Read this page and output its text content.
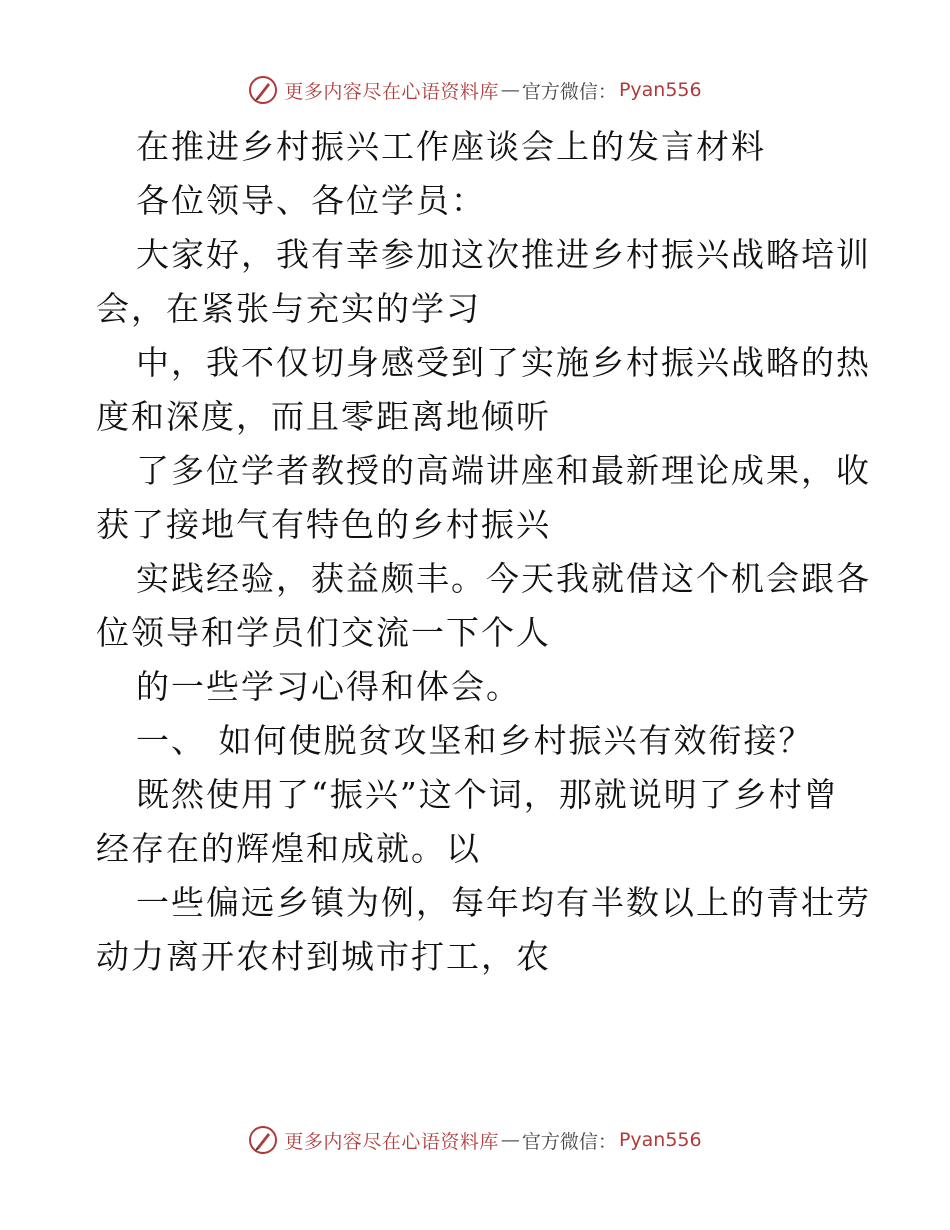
更多内容尽在心语资料库 — 官方微信： Pyan556
在推进乡村振兴工作座谈会上的发言材料
各位领导、各位学员：
大家好，我有幸参加这次推进乡村振兴战略培训
会，在紧张与充实的学习
中，我不仅切身感受到了实施乡村振兴战略的热
度和深度，而且零距离地倾听
了多位学者教授的高端讲座和最新理论成果，收
获了接地气有特色的乡村振兴
实践经验，获益颇丰。今天我就借这个机会跟各
位领导和学员们交流一下个人
的一些学习心得和体会。
一、 如何使脱贫攻坚和乡村振兴有效衔接？
既然使用了“振兴”这个词，那就说明了乡村曾
经存在的辉煌和成就。以
一些偏远乡镇为例，每年均有半数以上的青壮劳
动力离开农村到城市打工，农
更多内容尽在心语资料库 — 官方微信： Pyan556
